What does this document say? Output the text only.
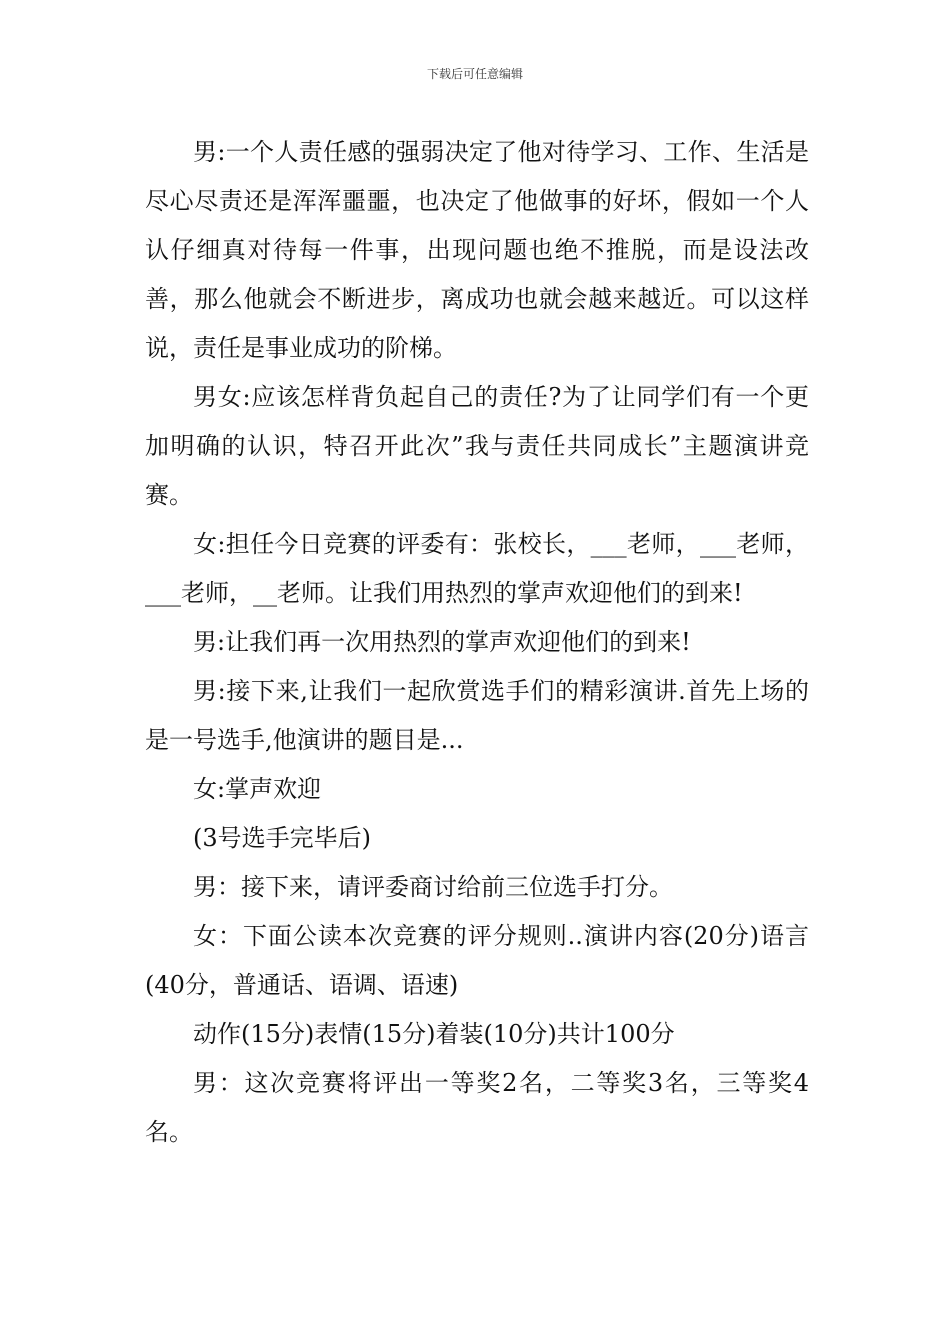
下载后可任意编辑

男:一个人责任感的强弱决定了他对待学习、工作、生活是尽心尽责还是浑浑噩噩，也决定了他做事的好坏，假如一个人认仔细真对待每一件事，出现问题也绝不推脱，而是设法改善，那么他就会不断进步，离成功也就会越来越近。可以这样说，责任是事业成功的阶梯。

男女:应该怎样背负起自己的责任?为了让同学们有一个更加明确的认识，特召开此次”我与责任共同成长”主题演讲竞赛。

女:担任今日竞赛的评委有：张校长，___老师，___老师，___老师，__老师。让我们用热烈的掌声欢迎他们的到来!

男:让我们再一次用热烈的掌声欢迎他们的到来!

男:接下来,让我们一起欣赏选手们的精彩演讲.首先上场的是一号选手,他演讲的题目是...

女:掌声欢迎

(3号选手完毕后)

男：接下来，请评委商讨给前三位选手打分。

女：下面公读本次竞赛的评分规则..演讲内容(20分)语言(40分，普通话、语调、语速)

动作(15分)表情(15分)着装(10分)共计100分

男：这次竞赛将评出一等奖2名，二等奖3名，三等奖4名。
